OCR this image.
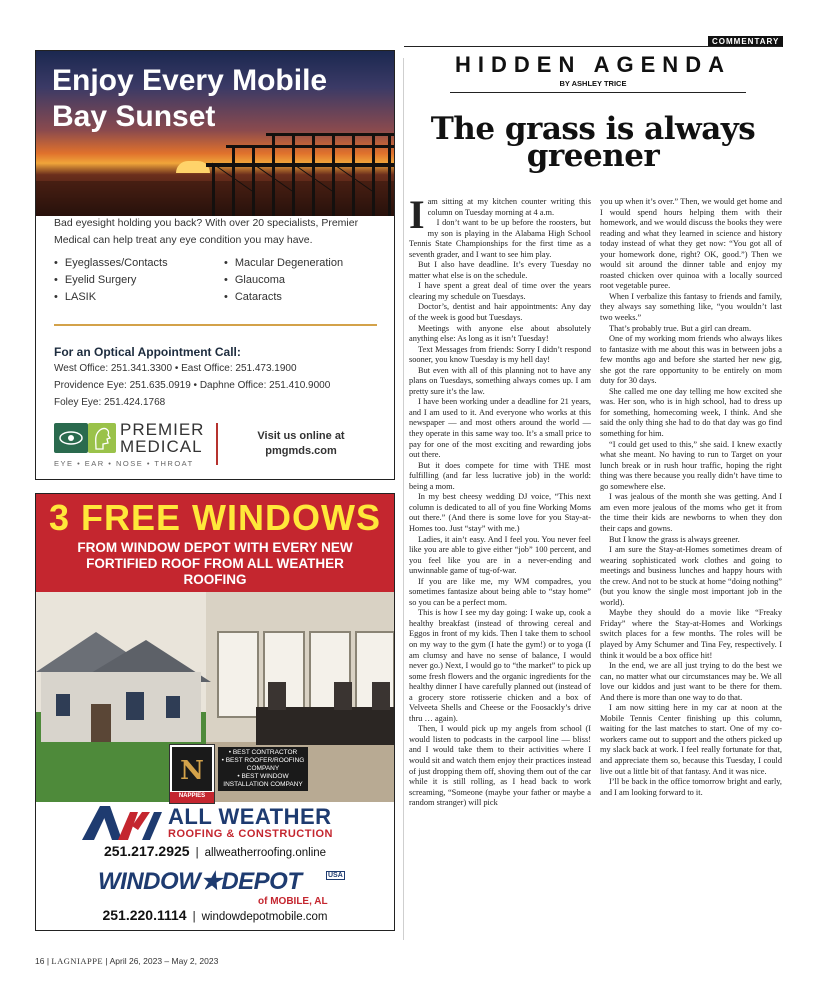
Enjoy Every Mobile Bay Sunset

Bad eyesight holding you back? With over 20 specialists, Premier Medical can help treat any eye condition you may have.

• Eyeglasses/Contacts
• Eyelid Surgery
• LASIK
• Macular Degeneration
• Glaucoma
• Cataracts

For an Optical Appointment Call:

West Office: 251.341.3300 • East Office: 251.473.1900

Providence Eye: 251.635.0919 • Daphne Office: 251.410.9000

Foley Eye: 251.424.1768

PREMIER MEDICAL

EYE • EAR • NOSE • THROAT

Visit us online at pmgmds.com

3 FREE WINDOWS

FROM WINDOW DEPOT WITH EVERY NEW FORTIFIED ROOF FROM ALL WEATHER ROOFING

N
NAPPIES
• BEST CONTRACTOR
• BEST ROOFER/ROOFING COMPANY
• BEST WINDOW INSTALLATION COMPANY

ALL WEATHER

ROOFING & CONSTRUCTION

251.217.2925 | allweatherroofing.online

WINDOW★DEPOT	USA

of MOBILE, AL

251.220.1114 | windowdepotmobile.com

COMMENTARY
HIDDEN AGENDA

BY ASHLEY TRICE

The grass is always greener

Iam sitting at my kitchen counter writing this column on Tuesday morning at 4 a.m.

I don’t want to be up before the roosters, but my son is playing in the Alabama High School Tennis State Championships for the first time as a seventh grader, and I want to see him play.

But I also have deadline. It’s every Tuesday no matter what else is on the schedule.

I have spent a great deal of time over the years clearing my schedule on Tuesdays.

Doctor’s, dentist and hair appointments: Any day of the week is good but Tuesdays.

Meetings with anyone else about absolutely anything else: As long as it isn’t Tuesday!

Text Messages from friends: Sorry I didn’t respond sooner, you know Tuesday is my hell day!

But even with all of this planning not to have any plans on Tuesdays, something always comes up. I am pretty sure it’s the law.

I have been working under a deadline for 21 years, and I am used to it. And everyone who works at this newspaper — and most others around the world — they operate in this same way too. It’s a small price to pay for one of the most exciting and rewarding jobs out there.

But it does compete for time with THE most fulfilling (and far less lucrative job) in the world: being a mom.

In my best cheesy wedding DJ voice, “This next column is dedicated to all of you fine Working Moms out there.” (And there is some love for you Stay-at-Homes too. Just “stay” with me.)

Ladies, it ain’t easy. And I feel you. You never feel like you are able to give either “job” 100 percent, and you feel like you are in a never-ending and unwinnable game of tug-of-war.

If you are like me, my WM compadres, you sometimes fantasize about being able to “stay home” so you can be a perfect mom.

This is how I see my day going: I wake up, cook a healthy breakfast (instead of throwing cereal and Eggos in front of my kids. Then I take them to school on my way to the gym (I hate the gym!) or to yoga (I am clumsy and have no sense of balance, I would never go.) Next, I would go to “the market” to pick up some fresh flowers and the organic ingredients for the healthy dinner I have carefully planned out (instead of a grocery store rotisserie chicken and a box of Velveeta Shells and Cheese or the Foosackly’s drive thru … again).

Then, I would pick up my angels from school (I would listen to podcasts in the carpool line — bliss! and I would take them to their activities where I would sit and watch them enjoy their practices instead of just dropping them off, shoving them out of the car while it is still rolling, as I head back to work screaming, “Someone (maybe your father or maybe a random stranger) will pick

you up when it’s over.” Then, we would get home and I would spend hours helping them with their homework, and we would discuss the books they were reading and what they learned in science and history today instead of what they get now: “You got all of your homework done, right? OK, good.”) Then we would sit around the dinner table and enjoy my roasted chicken over quinoa with a locally sourced root vegetable puree.

When I verbalize this fantasy to friends and family, they always say something like, “you wouldn’t last two weeks.”

That’s probably true. But a girl can dream.

One of my working mom friends who always likes to fantasize with me about this was in between jobs a few months ago and before she started her new gig, she got the rare opportunity to be entirely on mom duty for 30 days.

She called me one day telling me how excited she was. Her son, who is in high school, had to dress up for something, homecoming week, I think. And she said the only thing she had to do that day was go find something for him.

“I could get used to this,” she said. I knew exactly what she meant. No having to run to Target on your lunch break or in rush hour traffic, hoping the right thing was there because you really didn’t have time to go somewhere else.

I was jealous of the month she was getting. And I am even more jealous of the moms who get it from the time their kids are newborns to when they don their caps and gowns.

But I know the grass is always greener.

I am sure the Stay-at-Homes sometimes dream of wearing sophisticated work clothes and going to meetings and business lunches and happy hours with the crew. And not to be stuck at home “doing nothing” (but you know the single most important job in the world).

Maybe they should do a movie like “Freaky Friday” where the Stay-at-Homes and Workings switch places for a few months. The roles will be played by Amy Schumer and Tina Fey, respectively. I think it would be a box office hit!

In the end, we are all just trying to do the best we can, no matter what our circumstances may be. We all love our kiddos and just want to be there for them. And there is more than one way to do that.

I am now sitting here in my car at noon at the Mobile Tennis Center finishing up this column, waiting for the last matches to start. One of my co-workers came out to support and the others picked up my slack back at work. I feel really fortunate for that, and appreciate them so, because this Tuesday, I could live out a little bit of that fantasy. And it was nice.

I’ll be back in the office tomorrow bright and early, and I am looking forward to it.

16 | LAGNIAPPE | April 26, 2023 – May 2, 2023
